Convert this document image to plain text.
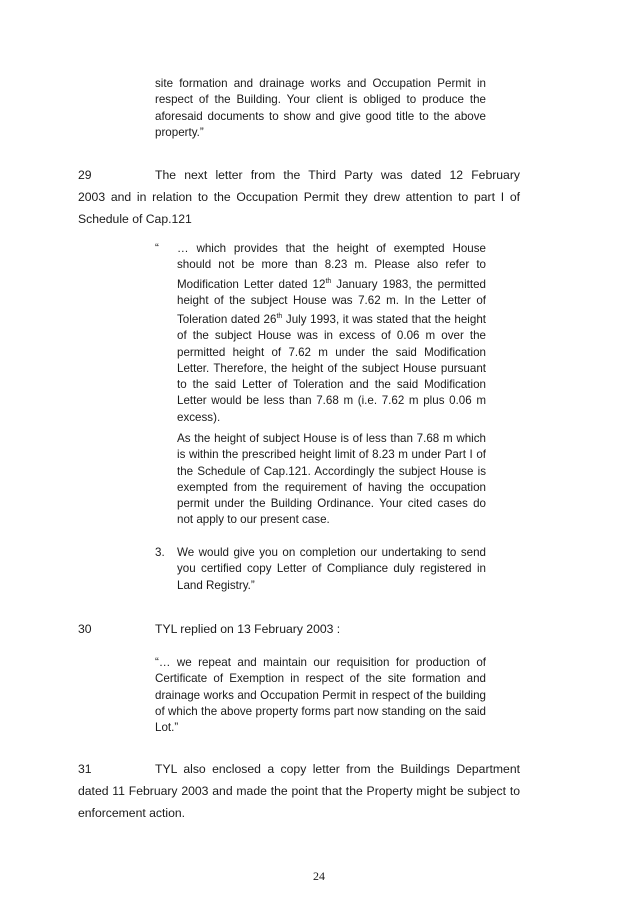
site formation and drainage works and Occupation Permit in respect of the Building. Your client is obliged to produce the aforesaid documents to show and give good title to the above property.”

29	The next letter from the Third Party was dated 12 February

2003 and in relation to the Occupation Permit they drew attention to part I of Schedule of Cap.121

“ … which provides that the height of exempted House should not be more than 8.23 m. Please also refer to Modification Letter dated 12th January 1983, the permitted height of the subject House was 7.62 m. In the Letter of Toleration dated 26th July 1993, it was stated that the height of the subject House was in excess of 0.06 m over the permitted height of 7.62 m under the said Modification Letter. Therefore, the height of the subject House pursuant to the said Letter of Toleration and the said Modification Letter would be less than 7.68 m (i.e. 7.62 m plus 0.06 m excess).

As the height of subject House is of less than 7.68 m which is within the prescribed height limit of 8.23 m under Part I of the Schedule of Cap.121. Accordingly the subject House is exempted from the requirement of having the occupation permit under the Building Ordinance. Your cited cases do not apply to our present case.

3. We would give you on completion our undertaking to send you certified copy Letter of Compliance duly registered in Land Registry.”

30	TYL replied on 13 February 2003 :

“… we repeat and maintain our requisition for production of Certificate of Exemption in respect of the site formation and drainage works and Occupation Permit in respect of the building of which the above property forms part now standing on the said Lot.”

31	TYL also enclosed a copy letter from the Buildings Department

dated 11 February 2003 and made the point that the Property might be subject to enforcement action.

24
